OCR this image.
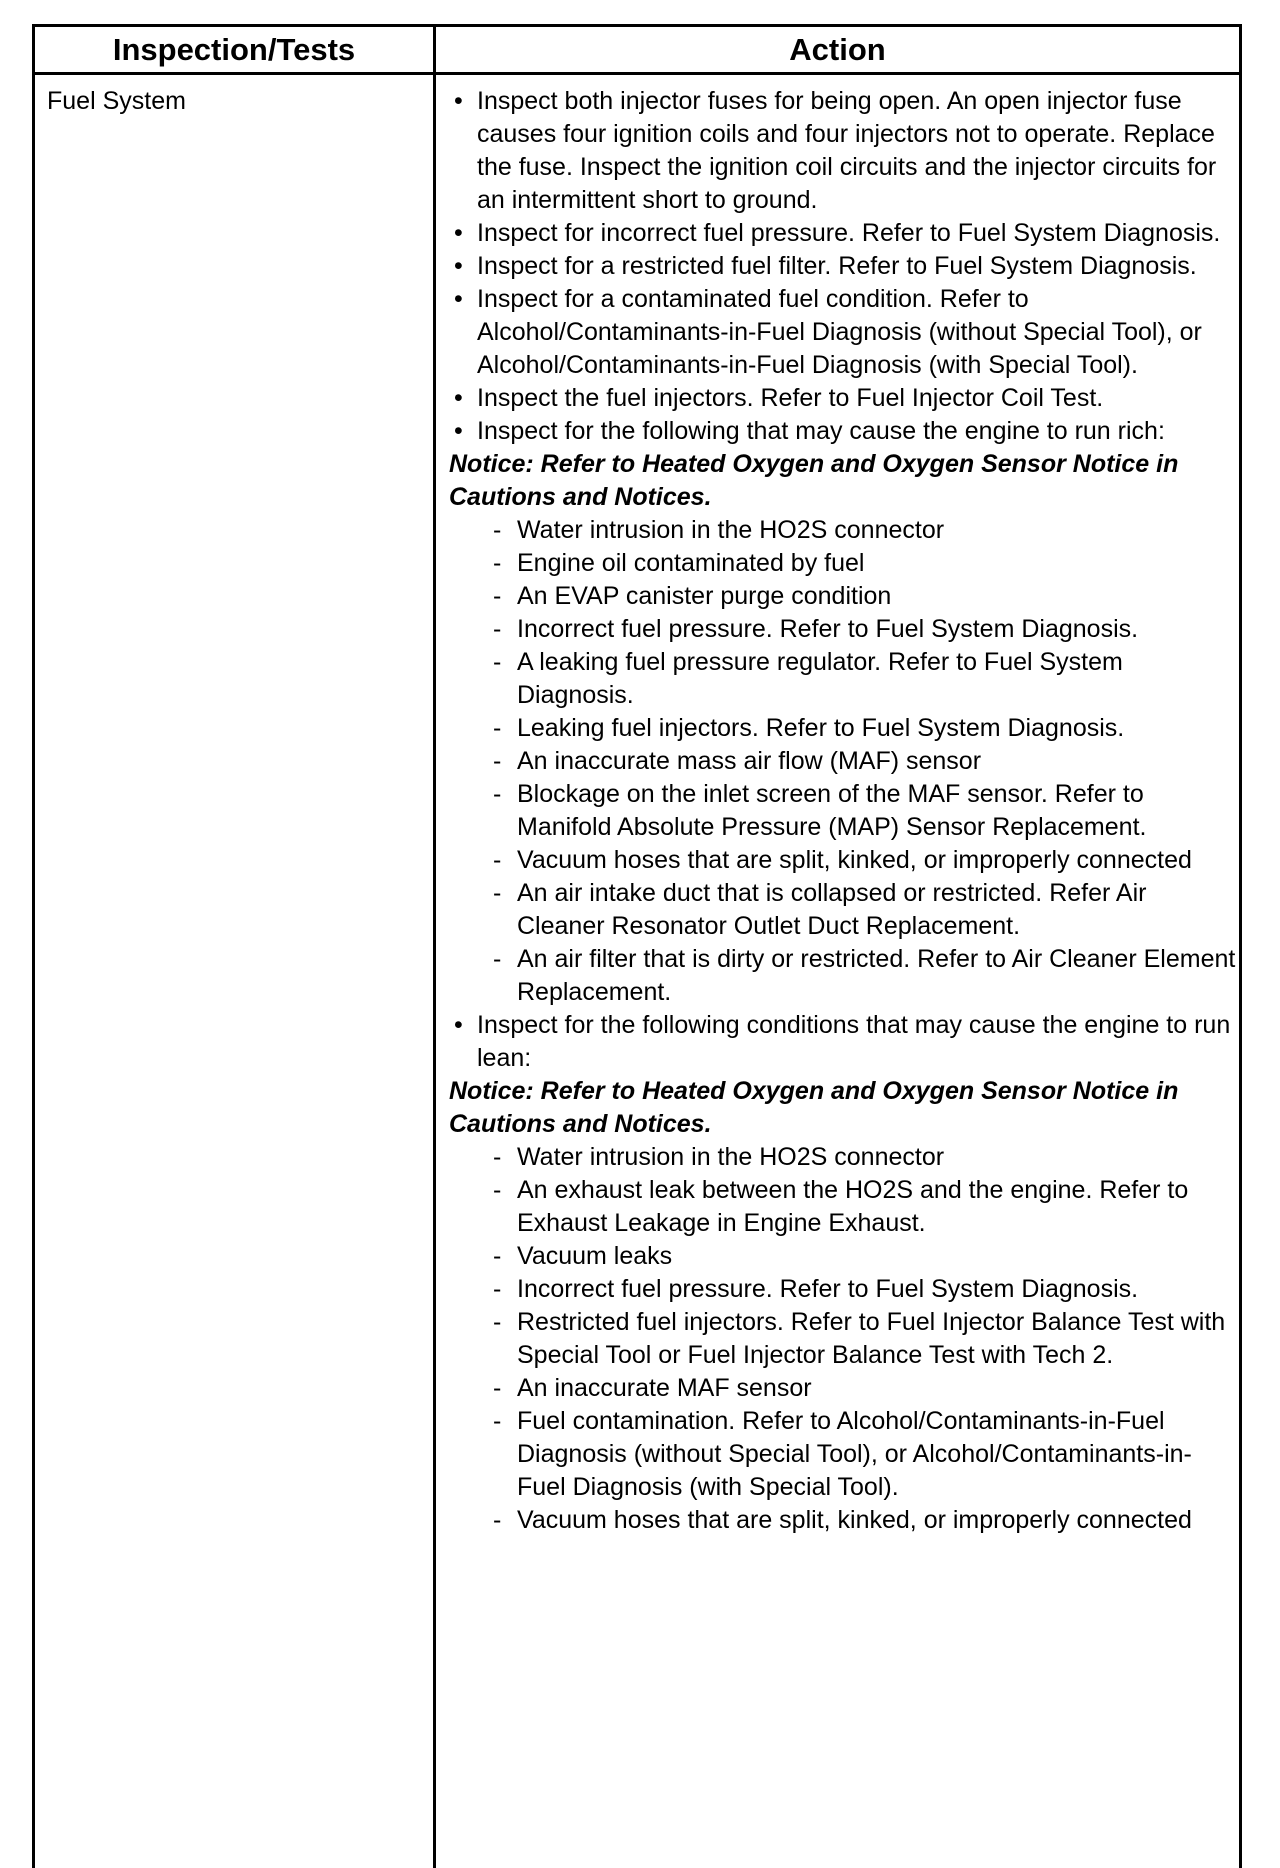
Inspection/Tests	Action
Fuel System	• Inspect both injector fuses for being open. An open injector fuse causes four ignition coils and four injectors not to operate. Replace the fuse. Inspect the ignition coil circuits and the injector circuits for an intermittent short to ground.
• Inspect for incorrect fuel pressure. Refer to Fuel System Diagnosis.
• Inspect for a restricted fuel filter. Refer to Fuel System Diagnosis.
• Inspect for a contaminated fuel condition. Refer to Alcohol/Contaminants-in-Fuel Diagnosis (without Special Tool), or Alcohol/Contaminants-in-Fuel Diagnosis (with Special Tool).
• Inspect the fuel injectors. Refer to Fuel Injector Coil Test.
• Inspect for the following that may cause the engine to run rich:

Notice: Refer to Heated Oxygen and Oxygen Sensor Notice in Cautions and Notices.

- Water intrusion in the HO2S connector
- Engine oil contaminated by fuel
- An EVAP canister purge condition
- Incorrect fuel pressure. Refer to Fuel System Diagnosis.
- A leaking fuel pressure regulator. Refer to Fuel System Diagnosis.
- Leaking fuel injectors. Refer to Fuel System Diagnosis.
- An inaccurate mass air flow (MAF) sensor
- Blockage on the inlet screen of the MAF sensor. Refer to Manifold Absolute Pressure (MAP) Sensor Replacement.
- Vacuum hoses that are split, kinked, or improperly connected
- An air intake duct that is collapsed or restricted. Refer Air Cleaner Resonator Outlet Duct Replacement.
- An air filter that is dirty or restricted. Refer to Air Cleaner Element Replacement.
• Inspect for the following conditions that may cause the engine to run lean:

Notice: Refer to Heated Oxygen and Oxygen Sensor Notice in Cautions and Notices.

- Water intrusion in the HO2S connector
- An exhaust leak between the HO2S and the engine. Refer to Exhaust Leakage in Engine Exhaust.
- Vacuum leaks
- Incorrect fuel pressure. Refer to Fuel System Diagnosis.
- Restricted fuel injectors. Refer to Fuel Injector Balance Test with Special Tool or Fuel Injector Balance Test with Tech 2.
- An inaccurate MAF sensor
- Fuel contamination. Refer to Alcohol/Contaminants-in-Fuel Diagnosis (without Special Tool), or Alcohol/Contaminants-in-Fuel Diagnosis (with Special Tool).
- Vacuum hoses that are split, kinked, or improperly connected
